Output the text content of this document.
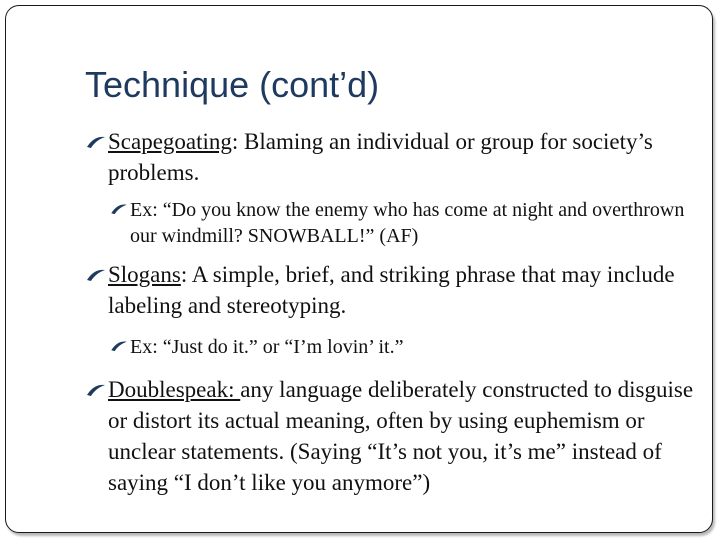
Technique (cont’d)

Scapegoating: Blaming an individual or group for society’s problems.

Ex: “Do you know the enemy who has come at night and overthrown our windmill? SNOWBALL!” (AF)

Slogans: A simple, brief, and striking phrase that may include labeling and stereotyping.

Ex: “Just do it.” or “I’m lovin’ it.”

Doublespeak: any language deliberately constructed to disguise or distort its actual meaning, often by using euphemism or unclear statements. (Saying “It’s not you, it’s me” instead of saying “I don’t like you anymore”)
